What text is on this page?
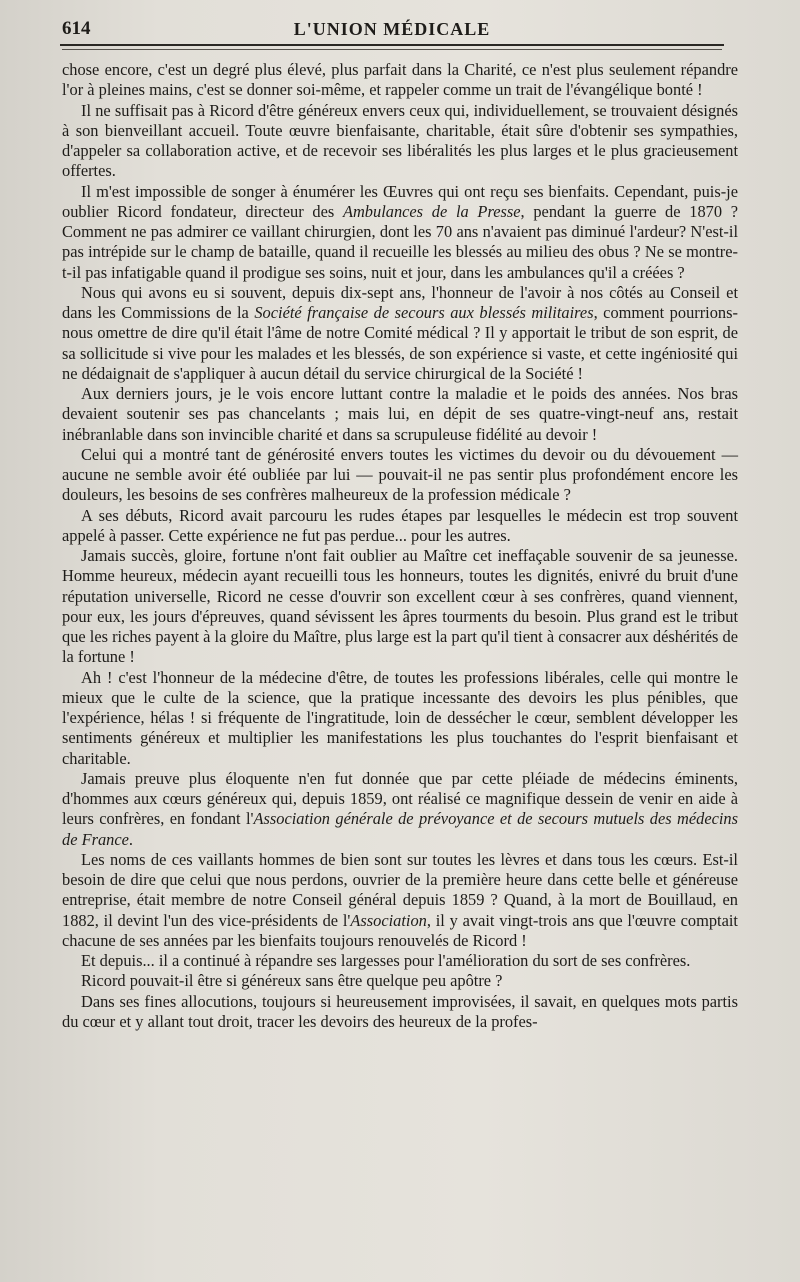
614	L'UNION MÉDICALE

chose encore, c'est un degré plus élevé, plus parfait dans la Charité, ce n'est plus seulement répandre l'or à pleines mains, c'est se donner soi-même, et rappeler comme un trait de l'évangélique bonté !

Il ne suffisait pas à Ricord d'être généreux envers ceux qui, individuellement, se trouvaient désignés à son bienveillant accueil. Toute œuvre bienfaisante, charitable, était sûre d'obtenir ses sympathies, d'appeler sa collaboration active, et de recevoir ses libéralités les plus larges et le plus gracieusement offertes.

Il m'est impossible de songer à énumérer les Œuvres qui ont reçu ses bienfaits. Cependant, puis-je oublier Ricord fondateur, directeur des Ambulances de la Presse, pendant la guerre de 1870 ? Comment ne pas admirer ce vaillant chirurgien, dont les 70 ans n'avaient pas diminué l'ardeur? N'est-il pas intrépide sur le champ de bataille, quand il recueille les blessés au milieu des obus ? Ne se montre-t-il pas infatigable quand il prodigue ses soins, nuit et jour, dans les ambulances qu'il a créées ?

Nous qui avons eu si souvent, depuis dix-sept ans, l'honneur de l'avoir à nos côtés au Conseil et dans les Commissions de la Société française de secours aux blessés militaires, comment pourrions-nous omettre de dire qu'il était l'âme de notre Comité médical ? Il y apportait le tribut de son esprit, de sa sollicitude si vive pour les malades et les blessés, de son expérience si vaste, et cette ingéniosité qui ne dédaignait de s'appliquer à aucun détail du service chirurgical de la Société !

Aux derniers jours, je le vois encore luttant contre la maladie et le poids des années. Nos bras devaient soutenir ses pas chancelants ; mais lui, en dépit de ses quatre-vingt-neuf ans, restait inébranlable dans son invincible charité et dans sa scrupuleuse fidélité au devoir !

Celui qui a montré tant de générosité envers toutes les victimes du devoir ou du dévouement — aucune ne semble avoir été oubliée par lui — pouvait-il ne pas sentir plus profondément encore les douleurs, les besoins de ses confrères malheureux de la profession médicale ?

A ses débuts, Ricord avait parcouru les rudes étapes par lesquelles le médecin est trop souvent appelé à passer. Cette expérience ne fut pas perdue... pour les autres.

Jamais succès, gloire, fortune n'ont fait oublier au Maître cet ineffaçable souvenir de sa jeunesse. Homme heureux, médecin ayant recueilli tous les honneurs, toutes les dignités, enivré du bruit d'une réputation universelle, Ricord ne cesse d'ouvrir son excellent cœur à ses confrères, quand viennent, pour eux, les jours d'épreuves, quand sévissent les âpres tourments du besoin. Plus grand est le tribut que les riches payent à la gloire du Maître, plus large est la part qu'il tient à consacrer aux déshérités de la fortune !

Ah ! c'est l'honneur de la médecine d'être, de toutes les professions libérales, celle qui montre le mieux que le culte de la science, que la pratique incessante des devoirs les plus pénibles, que l'expérience, hélas ! si fréquente de l'ingratitude, loin de dessécher le cœur, semblent développer les sentiments généreux et multiplier les manifestations les plus touchantes do l'esprit bienfaisant et charitable.

Jamais preuve plus éloquente n'en fut donnée que par cette pléiade de médecins éminents, d'hommes aux cœurs généreux qui, depuis 1859, ont réalisé ce magnifique dessein de venir en aide à leurs confrères, en fondant l'Association générale de prévoyance et de secours mutuels des médecins de France.

Les noms de ces vaillants hommes de bien sont sur toutes les lèvres et dans tous les cœurs. Est-il besoin de dire que celui que nous perdons, ouvrier de la première heure dans cette belle et généreuse entreprise, était membre de notre Conseil général depuis 1859 ? Quand, à la mort de Bouillaud, en 1882, il devint l'un des vice-présidents de l'Association, il y avait vingt-trois ans que l'œuvre comptait chacune de ses années par les bienfaits toujours renouvelés de Ricord !

Et depuis... il a continué à répandre ses largesses pour l'amélioration du sort de ses confrères.

Ricord pouvait-il être si généreux sans être quelque peu apôtre ?

Dans ses fines allocutions, toujours si heureusement improvisées, il savait, en quelques mots partis du cœur et y allant tout droit, tracer les devoirs des heureux de la profes-
